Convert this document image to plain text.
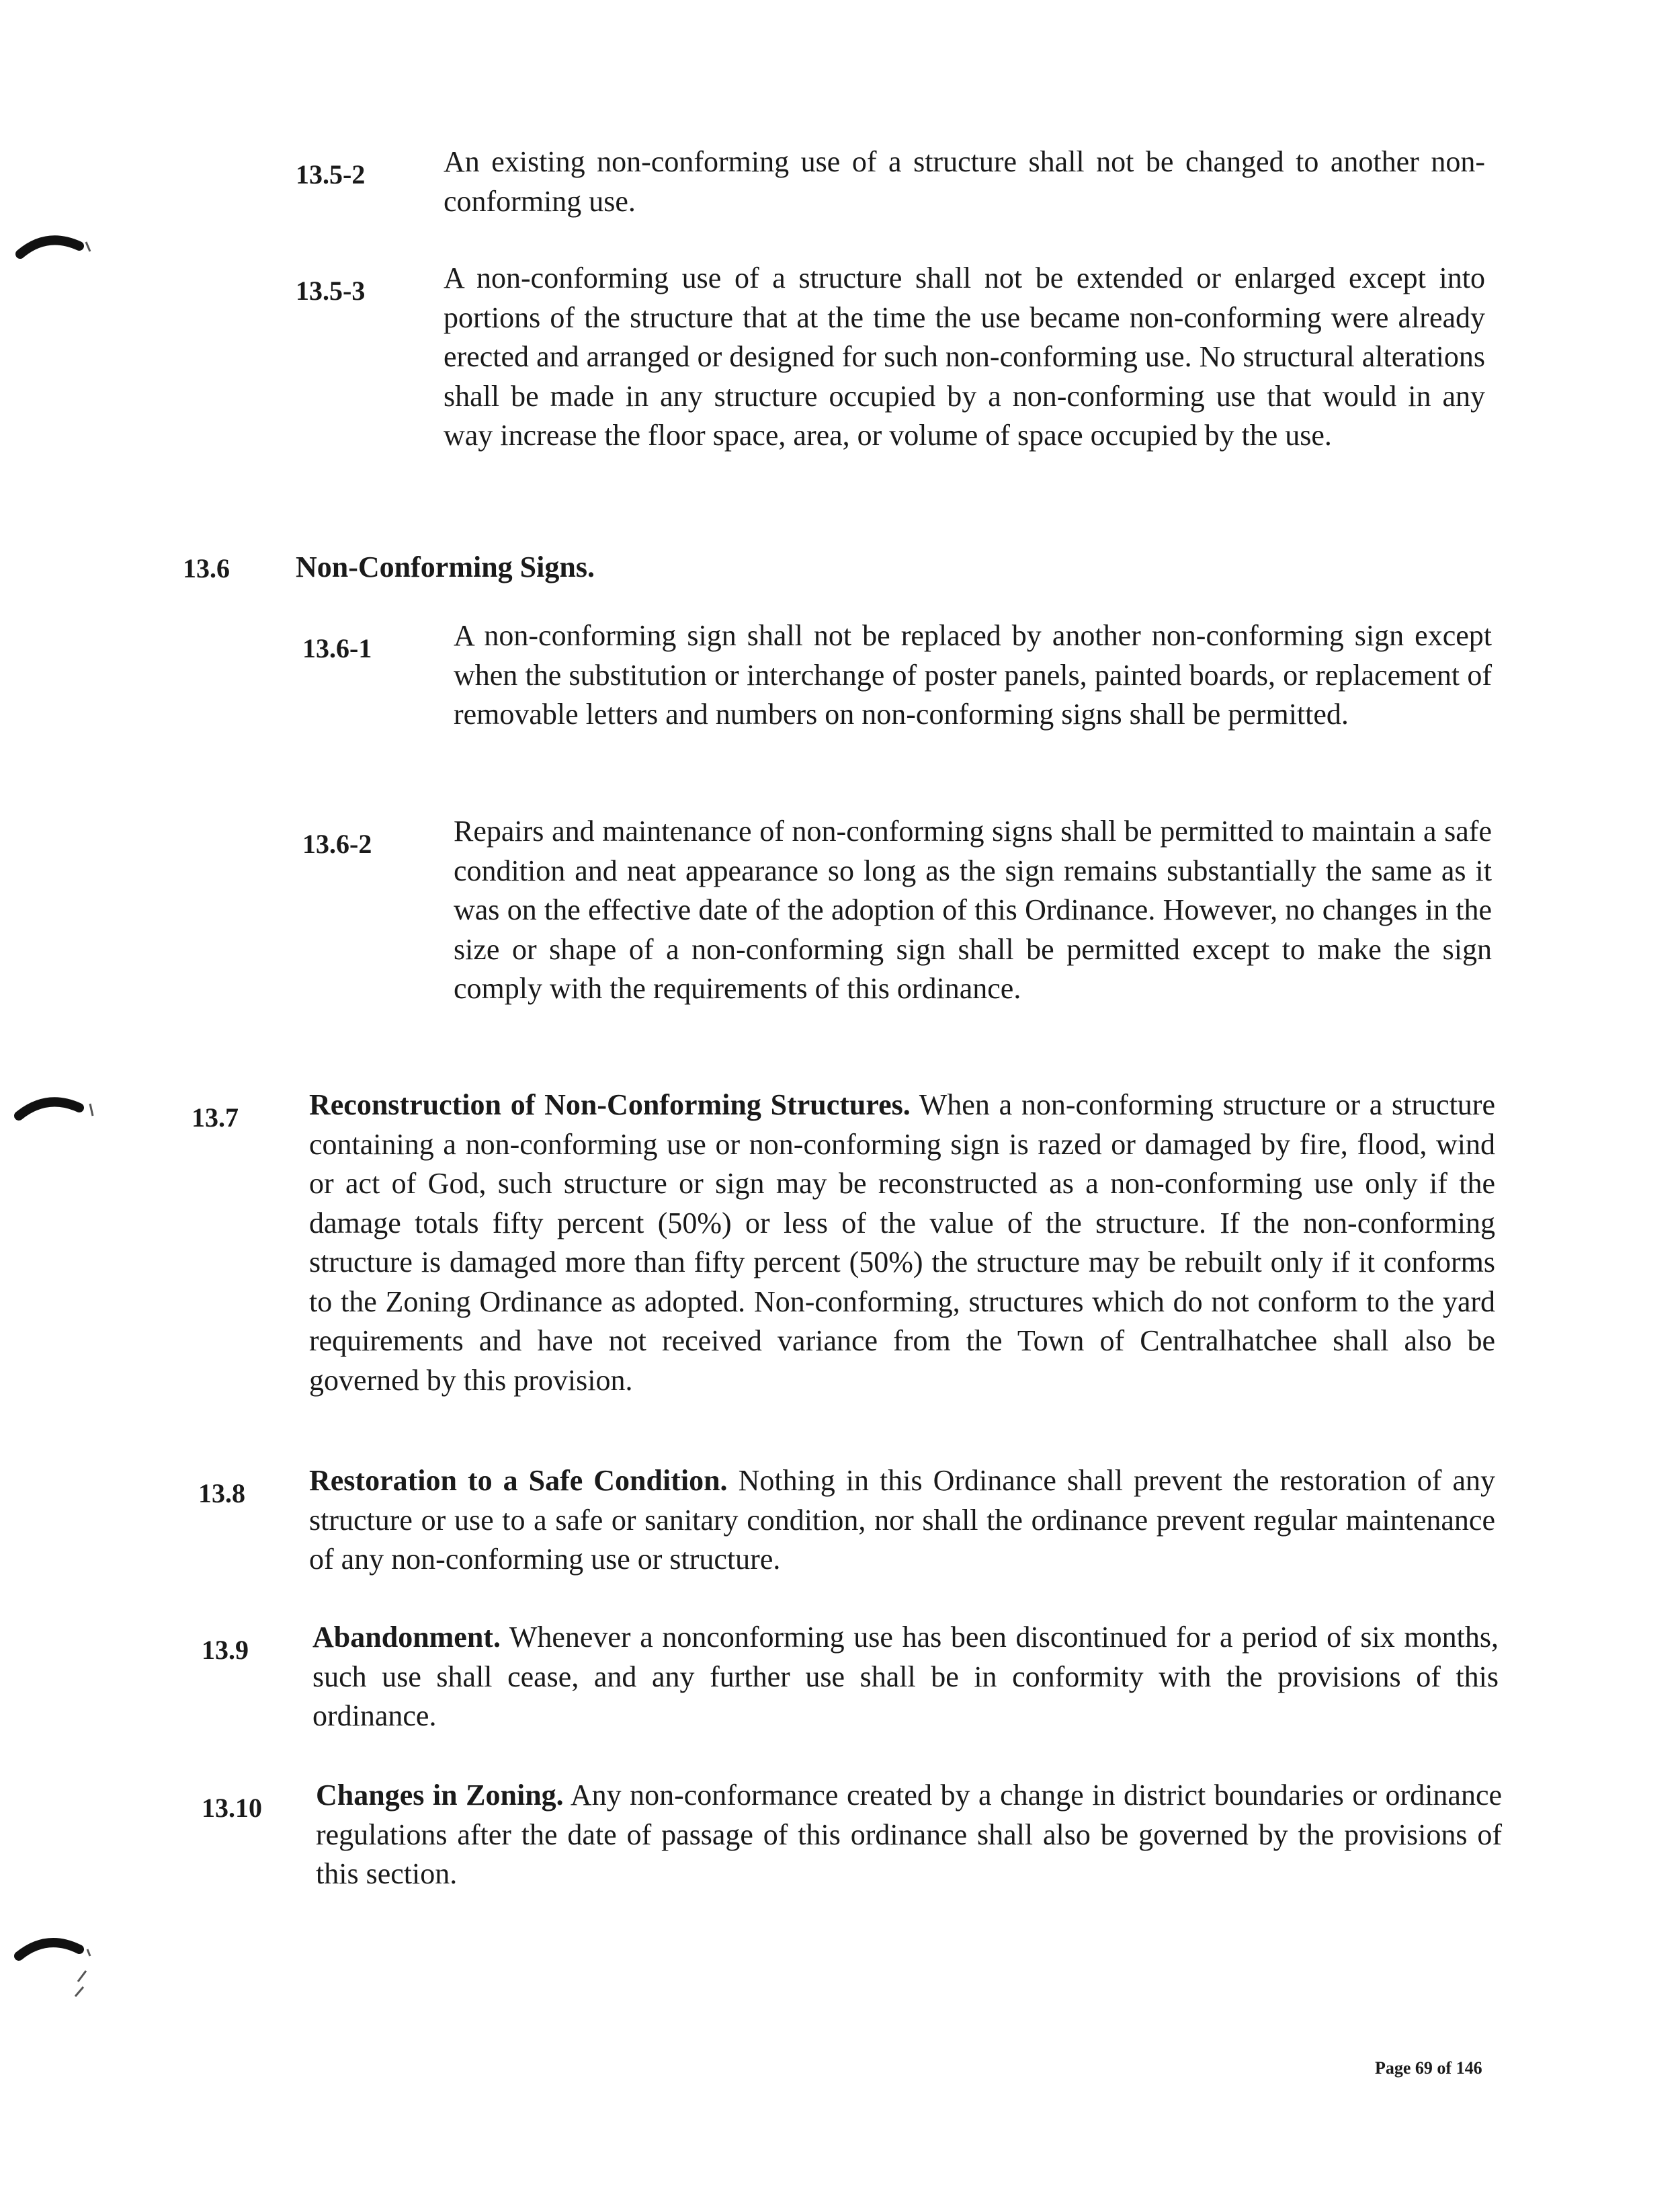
13.5-2	An existing non-conforming use of a structure shall not be changed to another non-conforming use.
13.5-3	A non-conforming use of a structure shall not be extended or enlarged except into portions of the structure that at the time the use became non-conforming were already erected and arranged or designed for such non-conforming use. No structural alterations shall be made in any structure occupied by a non-conforming use that would in any way increase the floor space, area, or volume of space occupied by the use.
13.6 Non-Conforming Signs.
13.6-1	A non-conforming sign shall not be replaced by another non-conforming sign except when the substitution or interchange of poster panels, painted boards, or replacement of removable letters and numbers on non-conforming signs shall be permitted.
13.6-2	Repairs and maintenance of non-conforming signs shall be permitted to maintain a safe condition and neat appearance so long as the sign remains substantially the same as it was on the effective date of the adoption of this Ordinance. However, no changes in the size or shape of a non-conforming sign shall be permitted except to make the sign comply with the requirements of this ordinance.
13.7 Reconstruction of Non-Conforming Structures. When a non-conforming structure or a structure containing a non-conforming use or non-conforming sign is razed or damaged by fire, flood, wind or act of God, such structure or sign may be reconstructed as a non-conforming use only if the damage totals fifty percent (50%) or less of the value of the structure. If the non-conforming structure is damaged more than fifty percent (50%) the structure may be rebuilt only if it conforms to the Zoning Ordinance as adopted. Non-conforming, structures which do not conform to the yard requirements and have not received variance from the Town of Centralhatchee shall also be governed by this provision.
13.8 Restoration to a Safe Condition. Nothing in this Ordinance shall prevent the restoration of any structure or use to a safe or sanitary condition, nor shall the ordinance prevent regular maintenance of any non-conforming use or structure.
13.9 Abandonment. Whenever a nonconforming use has been discontinued for a period of six months, such use shall cease, and any further use shall be in conformity with the provisions of this ordinance.
13.10 Changes in Zoning. Any non-conformance created by a change in district boundaries or ordinance regulations after the date of passage of this ordinance shall also be governed by the provisions of this section.
Page 69 of 146
